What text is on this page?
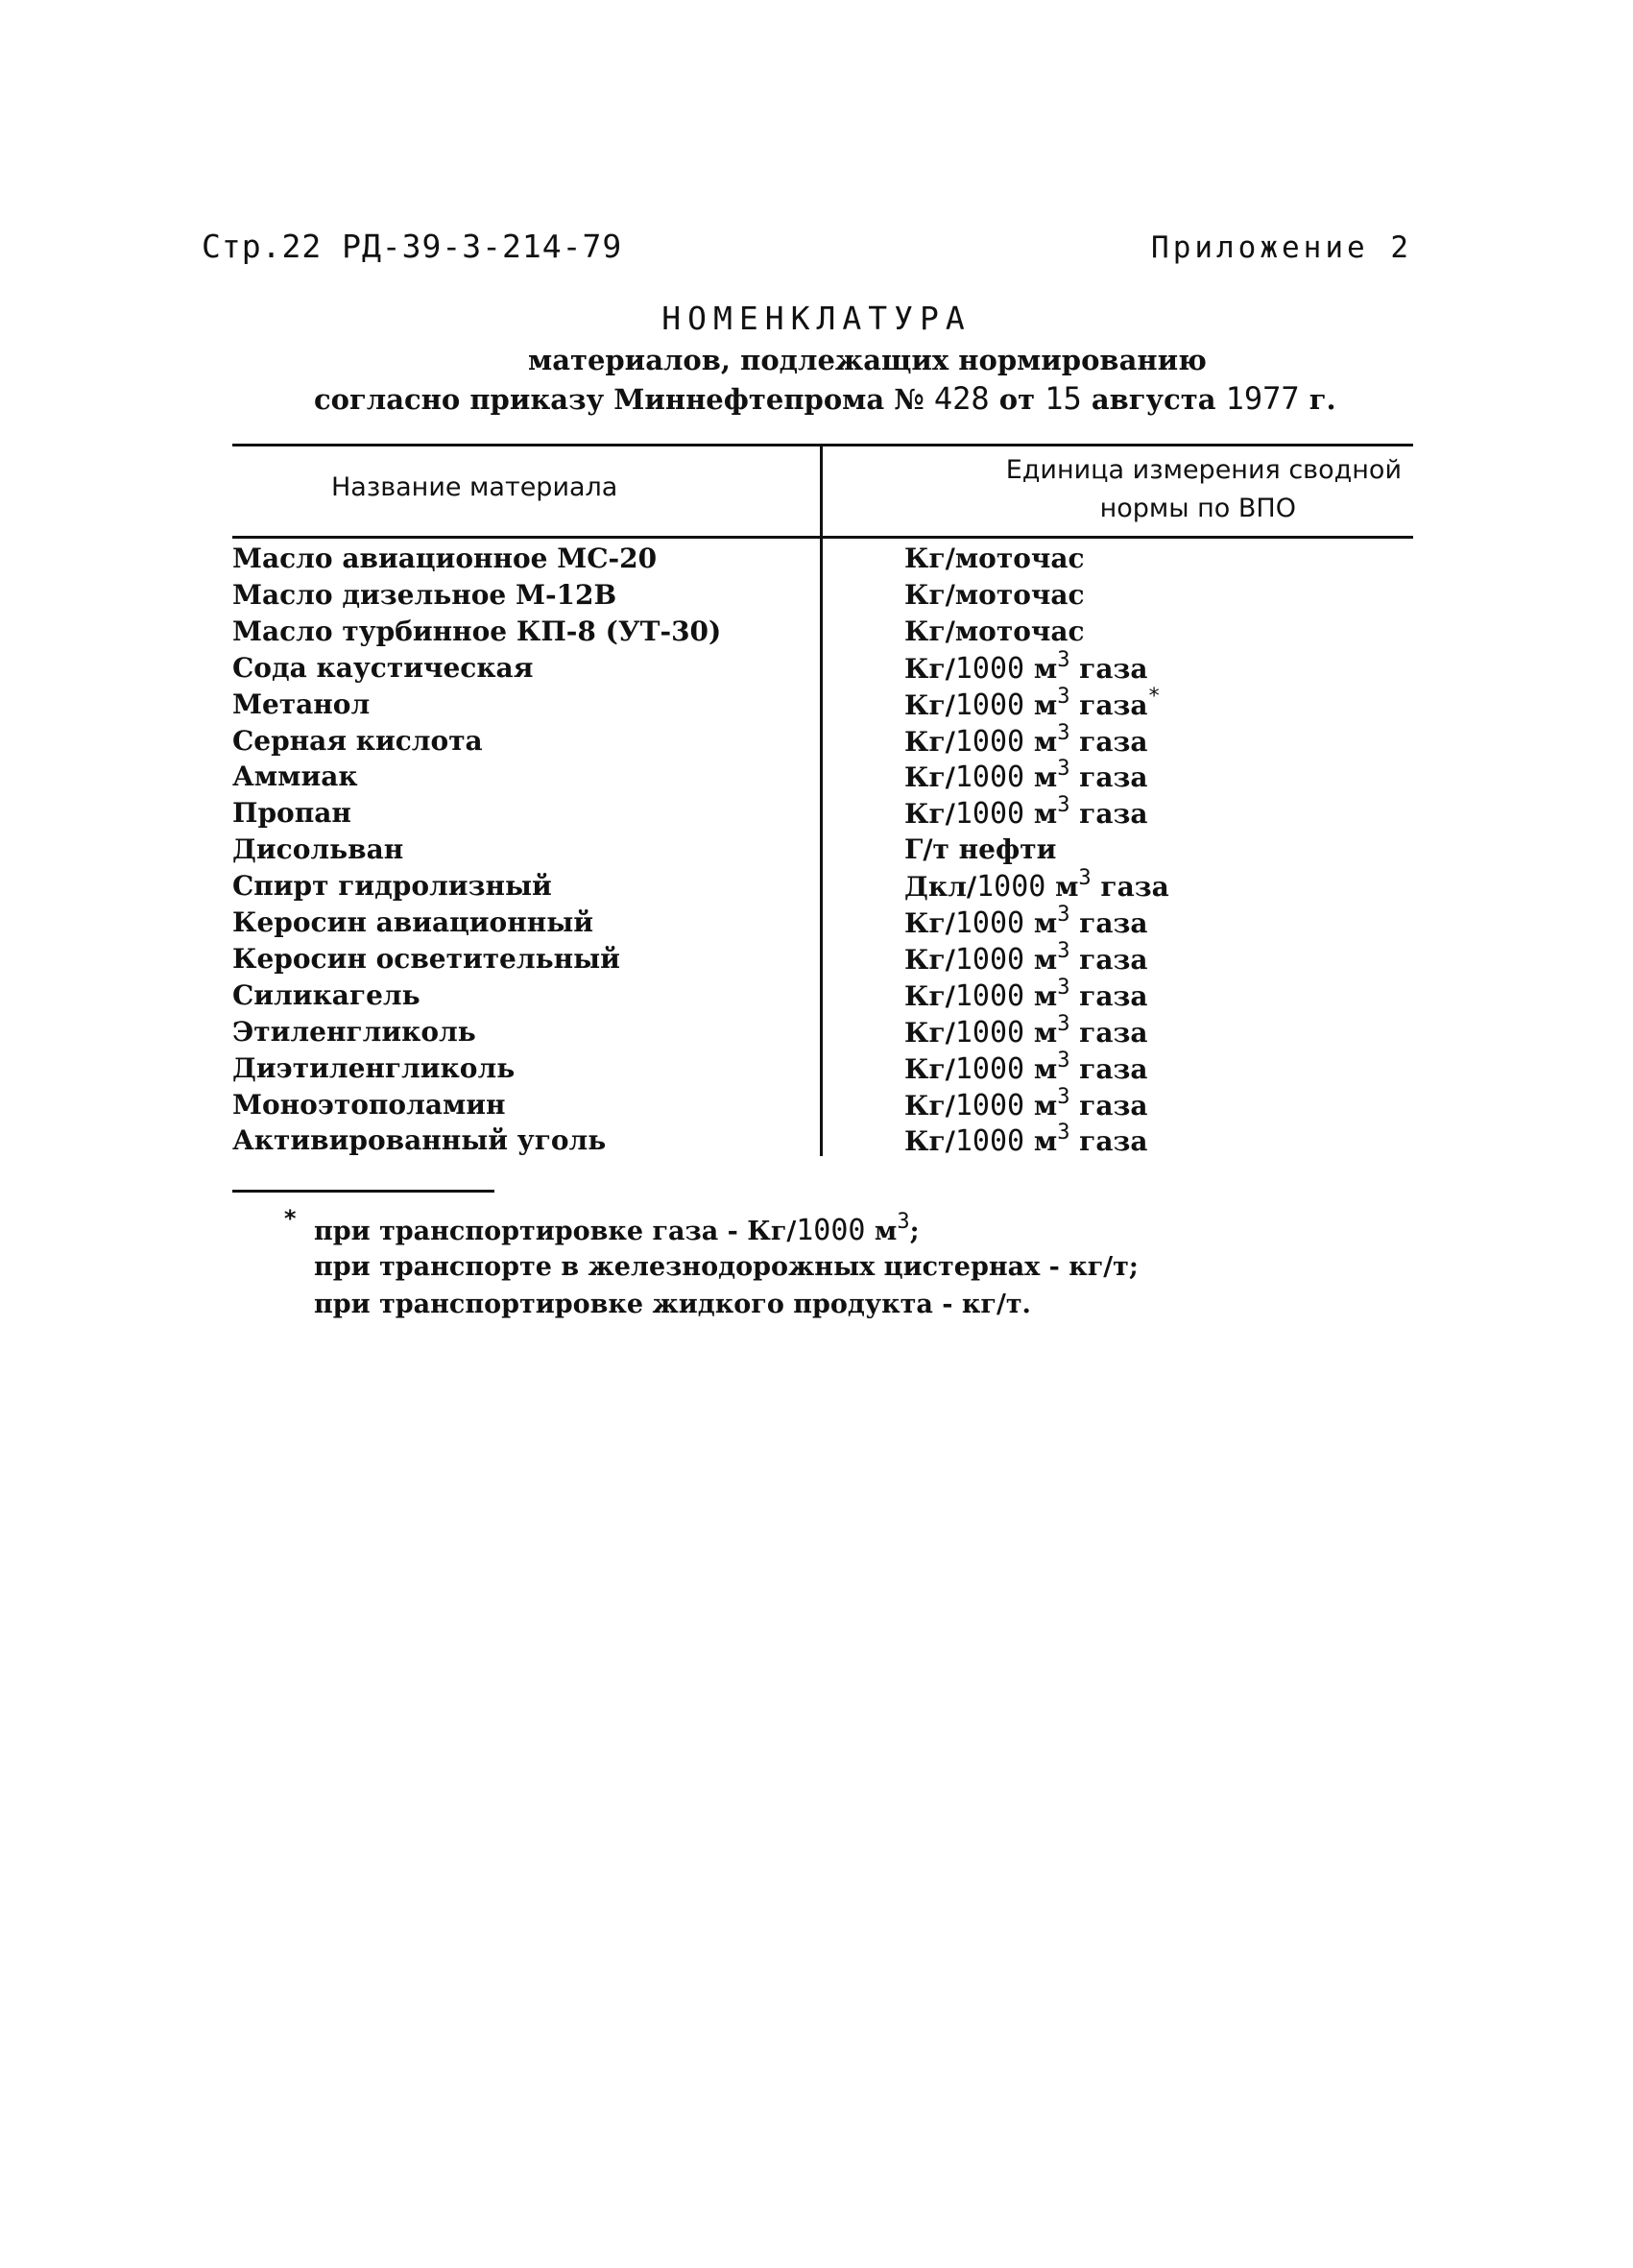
Стр.22 РД-39-3-214-79	Приложение 2
НОМЕНКЛАТУРА
материалов, подлежащих нормированию
согласно приказу Миннефтепрома № 428 от 15 августа 1977 г.
Название материала
Единица измерения сводной
нормы по ВПО
Масло авиационное МС-20	Кг/моточас
Масло дизельное М-12В	Кг/моточас
Масло турбинное КП-8 (УТ-30)	Кг/моточас
Сода каустическая	Кг/1000 $м^3$ газа
Метанол	Кг/1000 $м^3$ газа*
Серная кислота	Кг/1000 $м^3$ газа
Аммиак	Кг/1000 $м^3$ газа
Пропан	Кг/1000 $м^3$ газа
Дисольван	Г/т нефти
Спирт гидролизный	Дкл/1000 $м^3$ газа
Керосин авиационный	Кг/1000 $м^3$ газа
Керосин осветительный	Кг/1000 $м^3$ газа
Силикагель	Кг/1000 $м^3$ газа
Этиленгликоль	Кг/1000 $м^3$ газа
Диэтиленгликоль	Кг/1000 $м^3$ газа
Моноэтополамин	Кг/1000 $м^3$ газа
Активированный уголь	Кг/1000 $м^3$ газа
* при транспортировке газа - Кг/1000 $м^3$;
при транспорте в железнодорожных цистернах - кг/т;
при транспортировке жидкого продукта - кг/т.
